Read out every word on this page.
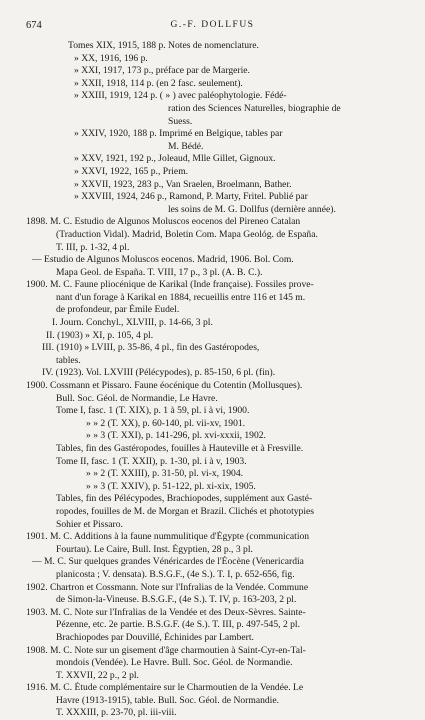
674	G.-F. DOLLFUS
Tomes XIX, 1915, 188 p. Notes de nomenclature.
» XX, 1916, 196 p.
» XXI, 1917, 173 p., préface par de Margerie.
» XXII, 1918, 114 p. (en 2 fasc. seulement).
» XXIII, 1919, 124 p. ( » ) avec paléophytologie. Fédé-
ration des Sciences Naturelles, biographie de
Suess.
» XXIV, 1920, 188 p. Imprimé en Belgique, tables par
M. Bédé.
» XXV, 1921, 192 p., Joleaud, Mlle Gillet, Gignoux.
» XXVI, 1922, 165 p., Priem.
» XXVII, 1923, 283 p., Van Sraelen, Broelmann, Bather.
» XXVIII, 1924, 246 p., Ramond, P. Marty, Fritel. Publié par
les soins de M. G. Dollfus (dernière année).
1898. M. C. Estudio de Algunos Moluscos eocenos del Pireneo Catalan
(Traduction Vidal). Madrid, Boletin Com. Mapa Geológ. de España.
T. III, p. 1-32, 4 pl.
— Estudio de Algunos Moluscos eocenos. Madrid, 1906. Bol. Com.
Mapa Geol. de España. T. VIII, 17 p., 3 pl. (A. B. C.).
1900. M. C. Faune pliocénique de Karikal (Inde française). Fossiles prove-
nant d'un forage à Karikal en 1884, recueillis entre 116 et 145 m.
de profondeur, par Émile Eudel.
I. Journ. Conchyl., XLVIII, p. 14-66, 3 pl.
II. (1903) » XI, p. 105, 4 pl.
III. (1910) » LVIII, p. 35-86, 4 pl., fin des Gastéropodes,
tables.
IV. (1923). Vol. LXVIII (Pélécypodes), p. 85-150, 6 pl. (fin).
1900. Cossmann et Pissaro. Faune éocénique du Cotentin (Mollusques).
Bull. Soc. Géol. de Normandie, Le Havre.
Tome I, fasc. 1 (T. XIX), p. 1 à 59, pl. i à vi, 1900.
» » 2 (T. XX), p. 60-140, pl. vii-xv, 1901.
» » 3 (T. XXI), p. 141-296, pl. xvi-xxxii, 1902.
Tables, fin des Gastéropodes, fouilles à Hauteville et à Fresville.
Tome II, fasc. 1 (T. XXII), p. 1-30, pl. i à v, 1903.
» » 2 (T. XXIII), p. 31-50, pl. vi-x, 1904.
» » 3 (T. XXIV), p. 51-122, pl. xi-xix, 1905.
Tables, fin des Pélécypodes, Brachiopodes, supplément aux Gasté-
ropodes, fouilles de M. de Morgan et Brazil. Clichés et phototypies
Sohier et Pissaro.
1901. M. C. Additions à la faune nummulitique d'Égypte (communication
Fourtau). Le Caire, Bull. Inst. Égyptien, 28 p., 3 pl.
— M. C. Sur quelques grandes Vénéricardes de l'Éocène (Venericardia
planicosta ; V. densata). B.S.G.F., (4e S.). T. I, p. 652-656, fig.
1902. Chartron et Cossmann. Note sur l'Infralias de la Vendée. Commune
de Simon-la-Vineuse. B.S.G.F., (4e S.). T. IV, p. 163-203, 2 pl.
1903. M. C. Note sur l'Infralias de la Vendée et des Deux-Sèvres. Sainte-
Pézenne, etc. 2e partie. B.S.G.F. (4e S.). T. III, p. 497-545, 2 pl.
Brachiopodes par Douvillé, Échinides par Lambert.
1908. M. C. Note sur un gisement d'âge charmoutien à Saint-Cyr-en-Tal-
mondois (Vendée). Le Havre. Bull. Soc. Géol. de Normandie.
T. XXVII, 22 p., 2 pl.
1916. M. C. Étude complémentaire sur le Charmoutien de la Vendée. Le
Havre (1913-1915), table. Bull. Soc. Géol. de Normandie.
T. XXXIII, p. 23-70, pl. iii-viii.
